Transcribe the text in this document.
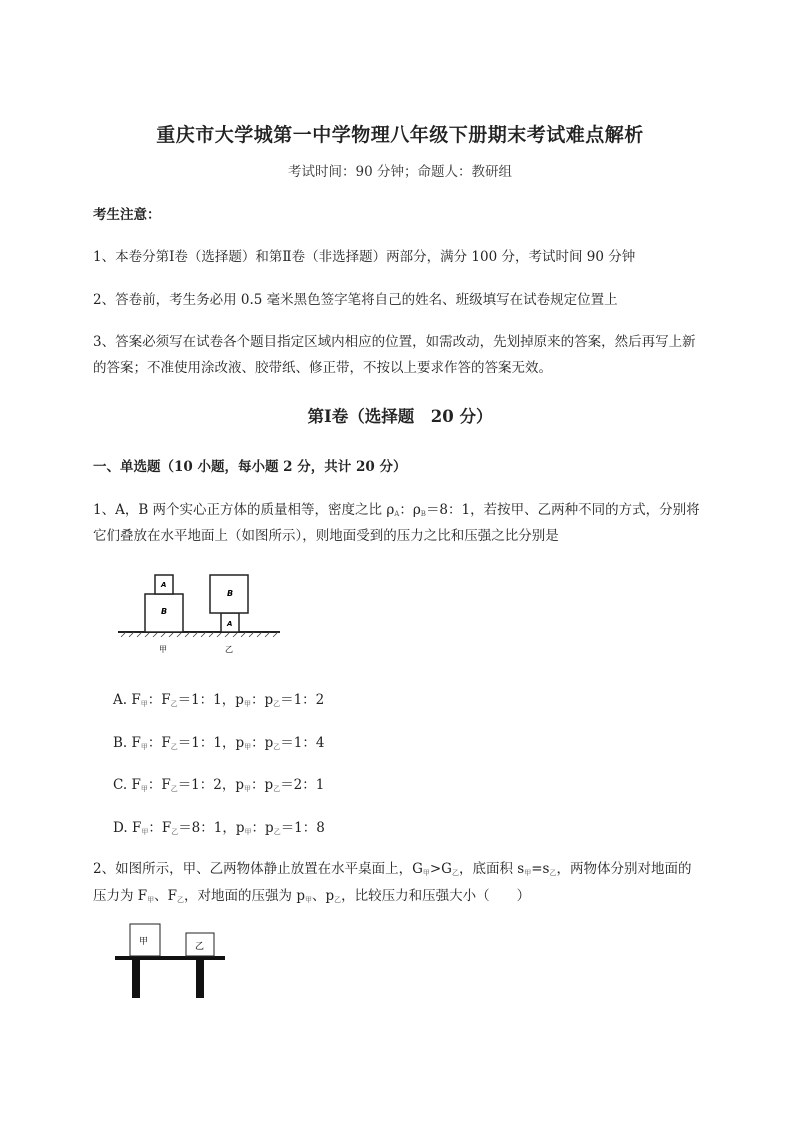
重庆市大学城第一中学物理八年级下册期末考试难点解析
考试时间：90 分钟；命题人：教研组
考生注意：
1、本卷分第Ⅰ卷（选择题）和第Ⅱ卷（非选择题）两部分，满分 100 分，考试时间 90 分钟
2、答卷前，考生务必用 0.5 毫米黑色签字笔将自己的姓名、班级填写在试卷规定位置上
3、答案必须写在试卷各个题目指定区域内相应的位置，如需改动，先划掉原来的答案，然后再写上新
的答案；不准使用涂改液、胶带纸、修正带，不按以上要求作答的答案无效。
第Ⅰ卷（选择题　20 分）
一、单选题（10 小题，每小题 2 分，共计 20 分）
1、A，B 两个实心正方体的质量相等，密度之比 $\rho_A$：$\rho_B=8$：1，若按甲、乙两种不同的方式，分别将
它们叠放在水平地面上（如图所示），则地面受到的压力之比和压强之比分别是
B
A
B
A
甲	乙
A. $F_甲$：$F_乙=1$：1，$p_甲$：$p_乙=1$：2
B. $F_甲$：$F_乙=1$：1，$p_甲$：$p_乙=1$：4
C. $F_甲$：$F_乙=1$：2，$p_甲$：$p_乙=2$：1
D. $F_甲$：$F_乙=8$：1，$p_甲$：$p_乙=1$：8
2、如图所示，甲、乙两物体静止放置在水平桌面上，$G_甲>G_乙$，底面积 $s_甲=s_乙$，两物体分别对地面的
压力为 $F_甲$、$F_乙$，对地面的压强为 $p_甲$、$p_乙$，比较压力和压强大小（　　）
甲	乙
